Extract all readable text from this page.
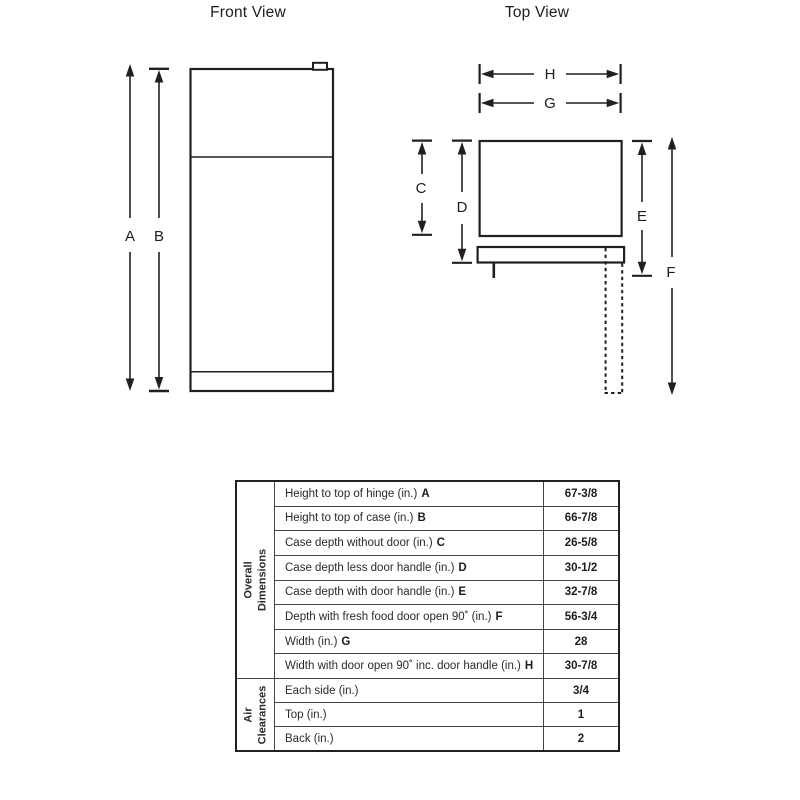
Front View	Top View
A B
H
G
C
D
E
F
Overall Dimensions
Height to top of hinge (in.) A	67-3/8
Height to top of case (in.) B	66-7/8
Case depth without door (in.) C	26-5/8
Case depth less door handle (in.) D	30-1/2
Case depth with door handle (in.) E	32-7/8
Depth with fresh food door open 90˚ (in.) F	56-3/4
Width (in.) G	28
Width with door open 90˚ inc. door handle (in.) H	30-7/8
Air Clearances Each side (in.)	3/4
Top (in.)	1
Back (in.)	2
